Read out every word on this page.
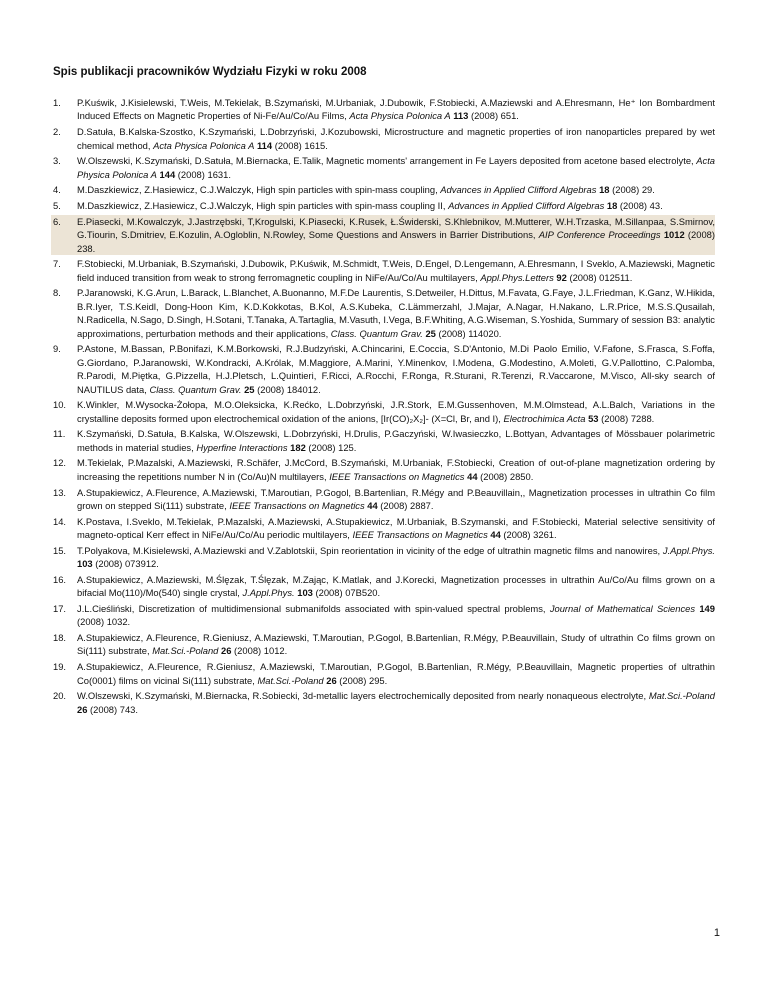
Spis publikacji pracowników Wydziału Fizyki w roku 2008
1.	P.Kuświk, J.Kisielewski, T.Weis, M.Tekielak, B.Szymański, M.Urbaniak, J.Dubowik, F.Stobiecki, A.Maziewski and A.Ehresmann, He⁺ Ion Bombardment Induced Effects on Magnetic Properties of Ni-Fe/Au/Co/Au Films, Acta Physica Polonica A 113 (2008) 651.
2.	D.Satuła, B.Kalska-Szostko, K.Szymański, L.Dobrzyński, J.Kozubowski, Microstructure and magnetic properties of iron nanoparticles prepared by wet chemical method, Acta Physica Polonica A 114 (2008) 1615.
3.	W.Olszewski, K.Szymański, D.Satuła, M.Biernacka, E.Talik, Magnetic moments' arrangement in Fe Layers deposited from acetone based electrolyte, Acta Physica Polonica A 144 (2008) 1631.
4.	M.Daszkiewicz, Z.Hasiewicz, C.J.Walczyk, High spin particles with spin-mass coupling, Advances in Applied Clifford Algebras 18 (2008) 29.
5.	M.Daszkiewicz, Z.Hasiewicz, C.J.Walczyk, High spin particles with spin-mass coupling II, Advances in Applied Clifford Algebras 18 (2008) 43.
6.	E.Piasecki, M.Kowalczyk, J.Jastrzębski, T,Krogulski, K.Piasecki, K.Rusek, Ł.Świderski, S.Khlebnikov, M.Mutterer, W.H.Trzaska, M.Sillanpaa, S.Smirnov, G.Tiourin, S.Dmitriev, E.Kozulin, A.Ogloblin, N.Rowley, Some Questions and Answers in Barrier Distributions, AIP Conference Proceedings 1012 (2008) 238.
7.	F.Stobiecki, M.Urbaniak, B.Szymański, J.Dubowik, P.Kuświk, M.Schmidt, T.Weis, D.Engel, D.Lengemann, A.Ehresmann, I Sveklo, A.Maziewski, Magnetic field induced transition from weak to strong ferromagnetic coupling in NiFe/Au/Co/Au multilayers, Appl.Phys.Letters 92 (2008) 012511.
8.	P.Jaranowski, K.G.Arun, L.Barack, L.Blanchet, A.Buonanno, M.F.De Laurentis, S.Detweiler, H.Dittus, M.Favata, G.Faye, J.L.Friedman, K.Ganz, W.Hikida, B.R.Iyer, T.S.Keidl, Dong-Hoon Kim, K.D.Kokkotas, B.Kol, A.S.Kubeka, C.Lämmerzahl, J.Majar, A.Nagar, H.Nakano, L.R.Price, M.S.S.Qusailah, N.Radicella, N.Sago, D.Singh, H.Sotani, T.Tanaka, A.Tartaglia, M.Vasuth, I.Vega, B.F.Whiting, A.G.Wiseman, S.Yoshida, Summary of session B3: analytic approximations, perturbation methods and their applications, Class. Quantum Grav. 25 (2008) 114020.
9.	P.Astone, M.Bassan, P.Bonifazi, K.M.Borkowski, R.J.Budzyński, A.Chincarini, E.Coccia, S.D'Antonio, M.Di Paolo Emilio, V.Fafone, S.Frasca, S.Foffa, G.Giordano, P.Jaranowski, W.Kondracki, A.Królak, M.Maggiore, A.Marini, Y.Minenkov, I.Modena, G.Modestino, A.Moleti, G.V.Pallottino, C.Palomba, R.Parodi, M.Piętka, G.Pizzella, H.J.Pletsch, L.Quintieri, F.Ricci, A.Rocchi, F.Ronga, R.Sturani, R.Terenzi, R.Vaccarone, M.Visco, All-sky search of NAUTILUS data, Class. Quantum Grav. 25 (2008) 184012.
10.	K.Winkler, M.Wysocka-Żołopa, M.O.Oleksicka, K.Rećko, L.Dobrzyński, J.R.Stork, E.M.Gussenhoven, M.M.Olmstead, A.L.Balch, Variations in the crystalline deposits formed upon electrochemical oxidation of the anions, [Ir(CO)₂X₂]- (X=Cl, Br, and I), Electrochimica Acta 53 (2008) 7288.
11.	K.Szymański, D.Satuła, B.Kalska, W.Olszewski, L.Dobrzyński, H.Drulis, P.Gaczyński, W.Iwasieczko, L.Bottyan, Advantages of Mössbauer polarimetric methods in material studies, Hyperfine Interactions 182 (2008) 125.
12.	M.Tekielak, P.Mazalski, A.Maziewski, R.Schäfer, J.McCord, B.Szymański, M.Urbaniak, F.Stobiecki, Creation of out-of-plane magnetization ordering by increasing the repetitions number N in (Co/Au)N multilayers, IEEE Transactions on Magnetics 44 (2008) 2850.
13.	A.Stupakiewicz, A.Fleurence, A.Maziewski, T.Maroutian, P.Gogol, B.Bartenlian, R.Mégy and P.Beauvillain,, Magnetization processes in ultrathin Co film grown on stepped Si(111) substrate, IEEE Transactions on Magnetics 44 (2008) 2887.
14.	K.Postava, I.Sveklo, M.Tekielak, P.Mazalski, A.Maziewski, A.Stupakiewicz, M.Urbaniak, B.Szymanski, and F.Stobiecki, Material selective sensitivity of magneto-optical Kerr effect in NiFe/Au/Co/Au periodic multilayers, IEEE Transactions on Magnetics 44 (2008) 3261.
15.	T.Polyakova, M.Kisielewski, A.Maziewski and V.Zablotskii, Spin reorientation in vicinity of the edge of ultrathin magnetic films and nanowires, J.Appl.Phys. 103 (2008) 073912.
16.	A.Stupakiewicz, A.Maziewski, M.Ślęzak, T.Ślęzak, M.Zając, K.Matlak, and J.Korecki, Magnetization processes in ultrathin Au/Co/Au films grown on a bifacial Mo(110)/Mo(540) single crystal, J.Appl.Phys. 103 (2008) 07B520.
17.	J.L.Cieśliński, Discretization of multidimensional submanifolds associated with spin-valued spectral problems, Journal of Mathematical Sciences 149 (2008) 1032.
18.	A.Stupakiewicz, A.Fleurence, R.Gieniusz, A.Maziewski, T.Maroutian, P.Gogol, B.Bartenlian, R.Mégy, P.Beauvillain, Study of ultrathin Co films grown on Si(111) substrate, Mat.Sci.-Poland 26 (2008) 1012.
19.	A.Stupakiewicz, A.Fleurence, R.Gieniusz, A.Maziewski, T.Maroutian, P.Gogol, B.Bartenlian, R.Mégy, P.Beauvillain, Magnetic properties of ultrathin Co(0001) films on vicinal Si(111) substrate, Mat.Sci.-Poland 26 (2008) 295.
20.	W.Olszewski, K.Szymański, M.Biernacka, R.Sobiecki, 3d-metallic layers electrochemically deposited from nearly nonaqueous electrolyte, Mat.Sci.-Poland 26 (2008) 743.
1
